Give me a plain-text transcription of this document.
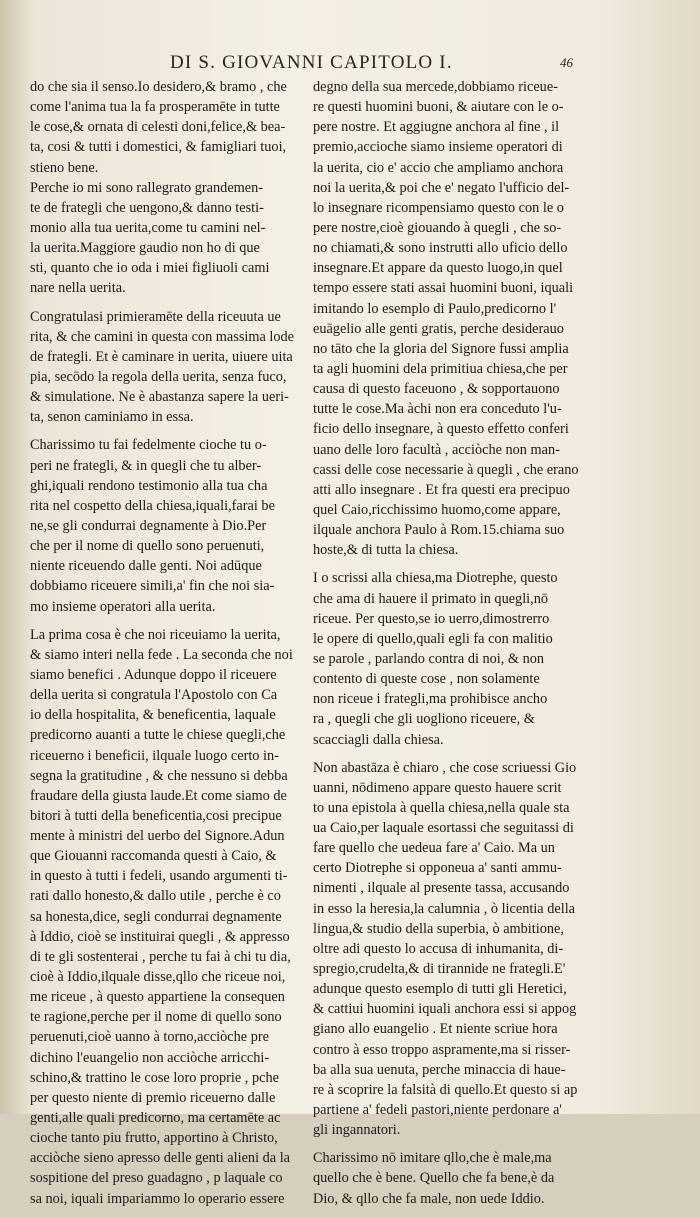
DI S. GIOVANNI CAPITOLO I.	46
do che sia il senso.Io desidero,& bramo , che
come l'anima tua la fa prosperamēte in tutte
le cose,& ornata di celesti doni,felice,& bea-
ta, cosi & tutti i domestici, & famigliari tuoi,
stieno bene.
Perche io mi sono rallegrato grandemen-
te de frategli che uengono,& danno testi-
monio alla tua uerita,come tu camini nel-
la uerita.Maggiore gaudio non ho di que
sti, quanto che io oda i miei figliuoli cami
nare nella uerita.
Congratulasi primieramēte della riceuuta ue
rita, & che camini in questa con massima lode
de frategli. Et è caminare in uerita, uiuere uita
pia, secōdo la regola della uerita, senza fuco,
& simulatione. Ne è abastanza sapere la ueri-
ta, senon caminiamo in essa.
Charissimo tu fai fedelmente cioche tu o-
peri ne frategli, & in quegli che tu alber-
ghi,iquali rendono testimonio alla tua cha
rita nel cospetto della chiesa,iquali,farai be
ne,se gli condurrai degnamente à Dio.Per
che per il nome di quello sono peruenuti,
niente riceuendo dalle genti. Noi adūque
dobbiamo riceuere simili,a' fin che noi sia-
mo insieme operatori alla uerita.
La prima cosa è che noi riceuiamo la uerita,
& siamo interi nella fede . La seconda che noi
siamo benefici . Adunque doppo il riceuere
della uerita si congratula l'Apostolo con Ca
io della hospitalita, & beneficentia, laquale
predicorno auanti a tutte le chiese quegli,che
riceuerno i beneficii, ilquale luogo certo in-
segna la gratitudine , & che nessuno si debba
fraudare della giusta laude.Et come siamo de
bitori à tutti della beneficentia,cosi precipue
mente à ministri del uerbo del Signore.Adun
que Giouanni raccomanda questi à Caio, &
in questo à tutti i fedeli, usando argumenti ti-
rati dallo honesto,& dallo utile , perche è co
sa honesta,dice, segli condurrai degnamente
à Iddio, cioè se instituirai quegli , & appresso
di te gli sostenterai , perche tu fai à chi tu dia,
cioè à Iddio,ilquale disse,qllo che riceue noi,
me riceue , à questo appartiene la consequen
te ragione,perche per il nome di quello sono
peruenuti,cioè uanno à torno,acciòche pre
dichino l'euangelio non acciòche arricchi-
schino,& trattino le cose loro proprie , pche
per questo niente di premio riceuerno dalle
genti,alle quali predicorno, ma certamēte ac
cioche tanto piu frutto, apportino à Christo,
acciòche sieno apresso delle genti alieni da la
sospitione del preso guadagno , p laquale co
sa noi, iquali impariammo lo operario essere
degno della sua mercede,dobbiamo riceue-
re questi huomini buoni, & aiutare con le o-
pere nostre. Et aggiugne anchora al fine , il
premio,accioche siamo insieme operatori di
la uerita, cio e' accio che ampliamo anchora
noi la uerita,& poi che e' negato l'ufficio del-
lo insegnare ricompensiamo questo con le o
pere nostre,cioè giouando à quegli , che so-
no chiamati,& sono instrutti allo uficio dello
insegnare.Et appare da questo luogo,in quel
tempo essere stati assai huomini buoni, iquali
imitando lo esemplo di Paulo,predicorno l'
euāgelio alle genti gratis, perche desiderauo
no tāto che la gloria del Signore fussi amplia
ta agli huomini dela primitiua chiesa,che per
causa di questo faceuono , & sopportauono
tutte le cose.Ma àchi non era conceduto l'u-
ficio dello insegnare, à questo effetto conferi
uano delle loro facultà , acciòche non man-
cassi delle cose necessarie à quegli , che erano
atti allo insegnare . Et fra questi era precipuo
quel Caio,ricchissimo huomo,come appare,
ilquale anchora Paulo à Rom.15.chiama suo
hoste,& di tutta la chiesa.
I o scrissi alla chiesa,ma Diotrephe, questo
che ama di hauere il primato in quegli,nō
riceue. Per questo,se io uerro,dimostrerro
le opere di quello,quali egli fa con malitio
se parole , parlando contra di noi, & non
contento di queste cose , non solamente
non riceue i frategli,ma prohibisce ancho
ra , quegli che gli uogliono riceuere, &
scacciagli dalla chiesa.
Non abastāza è chiaro , che cose scriuessi Gio
uanni, nōdimeno appare questo hauere scrit
to una epistola à quella chiesa,nella quale sta
ua Caio,per laquale esortassi che seguitassi di
fare quello che uedeua fare a' Caio. Ma un
certo Diotrephe si opponeua a' santi ammu-
nimenti , ilquale al presente tassa, accusando
in esso la heresia,la calumnia , ò licentia della
lingua,& studio della superbia, ò ambitione,
oltre adi questo lo accusa di inhumanita, di-
spregio,crudelta,& di tirannide ne frategli.E'
adunque questo esemplo di tutti gli Heretici,
& cattiui huomini iquali anchora essi si appog
giano allo euangelio . Et niente scriue hora
contro à esso troppo aspramente,ma si risser-
ba alla sua uenuta, perche minaccia di haue-
re à scoprire la falsità di quello.Et questo si ap
partiene a' fedeli pastori,niente perdonare a'
gli ingannatori.
Charissimo nō imitare qllo,che è male,ma
quello che è bene. Quello che fa bene,è da
Dio, & qllo che fa male, non uede Iddio.
